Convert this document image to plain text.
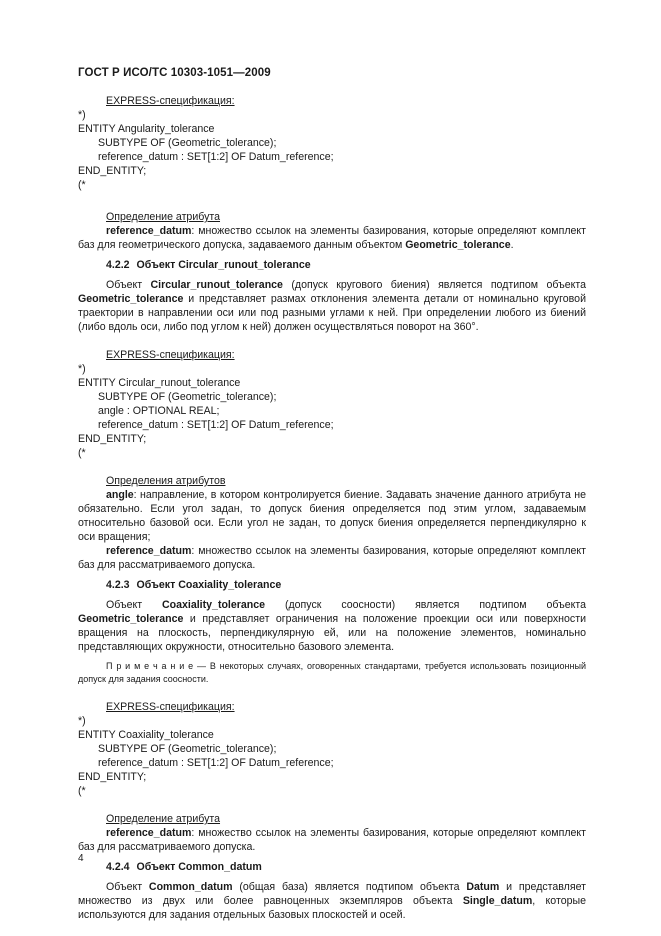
ГОСТ Р ИСО/ТС 10303-1051—2009
EXPRESS-спецификация:
*)
ENTITY Angularity_tolerance
SUBTYPE OF (Geometric_tolerance);
reference_datum : SET[1:2] OF Datum_reference;
END_ENTITY;
(*
Определение атрибута

reference_datum: множество ссылок на элементы базирования, которые определяют комплект баз для геометрического допуска, задаваемого данным объектом Geometric_tolerance.

4.2.2 Объект Circular_runout_tolerance

Объект Circular_runout_tolerance (допуск кругового биения) является подтипом объекта Geometric_tolerance и представляет размах отклонения элемента детали от номинально круговой траектории в направлении оси или под разными углами к ней. При определении любого из биений (либо вдоль оси, либо под углом к ней) должен осуществляться поворот на 360°.

EXPRESS-спецификация:
*)
ENTITY Circular_runout_tolerance
SUBTYPE OF (Geometric_tolerance);
angle : OPTIONAL REAL;
reference_datum : SET[1:2] OF Datum_reference;
END_ENTITY;
(*
Определения атрибутов

angle: направление, в котором контролируется биение. Задавать значение данного атрибута не обязательно. Если угол задан, то допуск биения определяется под этим углом, задаваемым относительно базовой оси. Если угол не задан, то допуск биения определяется перпендикулярно к оси вращения;

reference_datum: множество ссылок на элементы базирования, которые определяют комплект баз для рассматриваемого допуска.

4.2.3 Объект Coaxiality_tolerance

Объект Coaxiality_tolerance (допуск соосности) является подтипом объекта Geometric_tolerance и представляет ограничения на положение проекции оси или поверхности вращения на плоскость, перпендикулярную ей, или на положение элементов, номинально представляющих окружности, относительно базового элемента.

П р и м е ч а н и е — В некоторых случаях, оговоренных стандартами, требуется использовать позиционный допуск для задания соосности.

EXPRESS-спецификация:
*)
ENTITY Coaxiality_tolerance
SUBTYPE OF (Geometric_tolerance);
reference_datum : SET[1:2] OF Datum_reference;
END_ENTITY;
(*
Определение атрибута

reference_datum: множество ссылок на элементы базирования, которые определяют комплект баз для рассматриваемого допуска.

4.2.4 Объект Common_datum

Объект Common_datum (общая база) является подтипом объекта Datum и представляет множество из двух или более равноценных экземпляров объекта Single_datum, которые используются для задания отдельных базовых плоскостей и осей.

4
